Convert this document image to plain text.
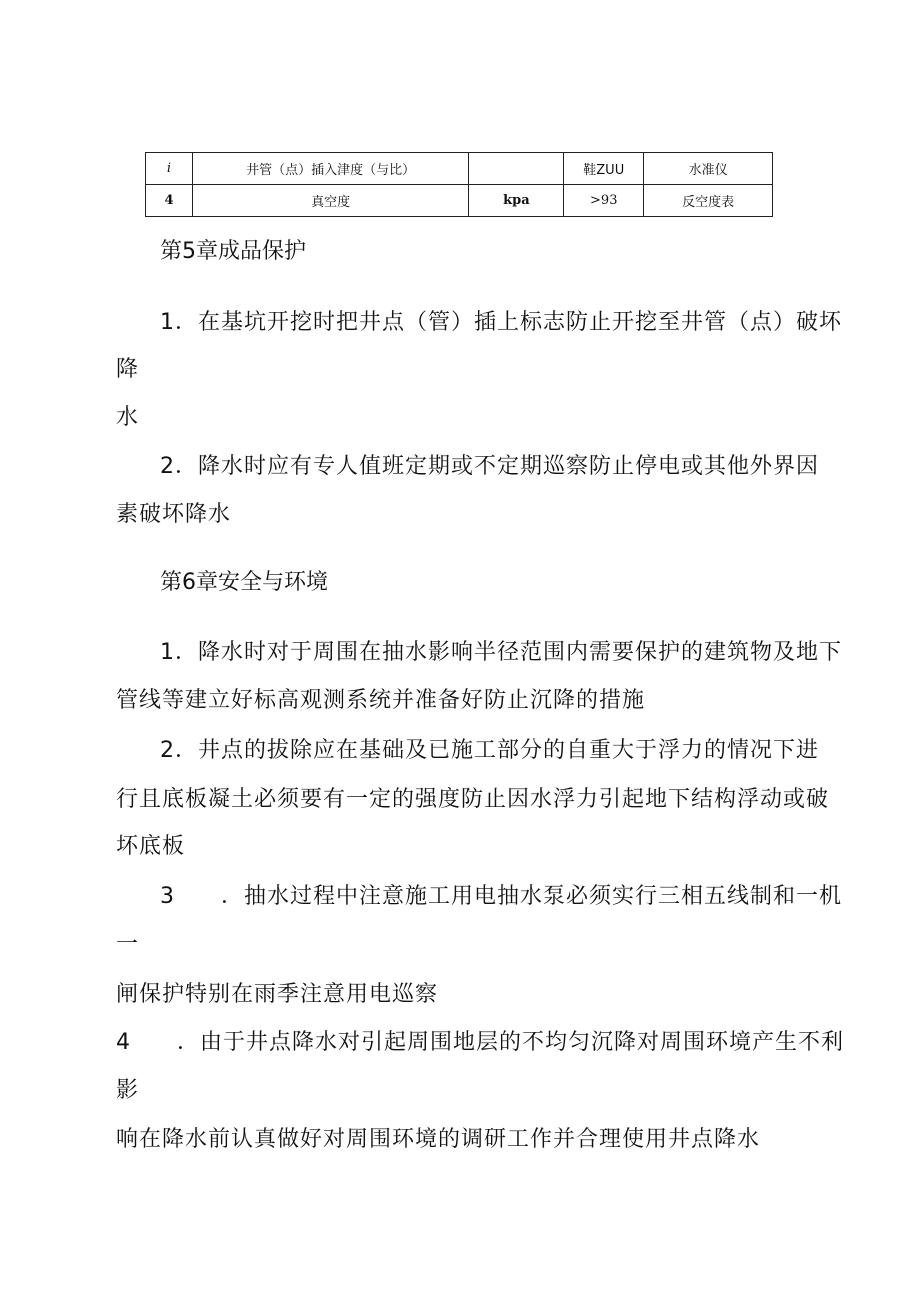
i	井管（点）插入津度（与比）		鞋ZUU	水准仪
4	真空度	kpa	>93	反空度表
第5章成品保护
1．在基坑开挖时把井点（管）插上标志防止开挖至井管（点）破坏
降
2．降水时应有专人值班定期或不定期巡察防止停电或其他外界因
素破坏降水
第6章安全与环境
1．降水时对于周围在抽水影响半径范围内需要保护的建筑物及地下
管线等建立好标高观测系统并准备好防止沉降的措施
2．井点的拔除应在基础及已施工部分的自重大于浮力的情况下进
行且底板凝土必须要有一定的强度防止因水浮力引起地下结构浮动或破
坏底板
3　　．抽水过程中注意施工用电抽水泵必须实行三相五线制和一机
闸保护特别在雨季注意用电巡察
4　　．由于井点降水对引起周围地层的不均匀沉降对周围环境产生不利
响在降水前认真做好对周围环境的调研工作并合理使用井点降水
水
一
影
